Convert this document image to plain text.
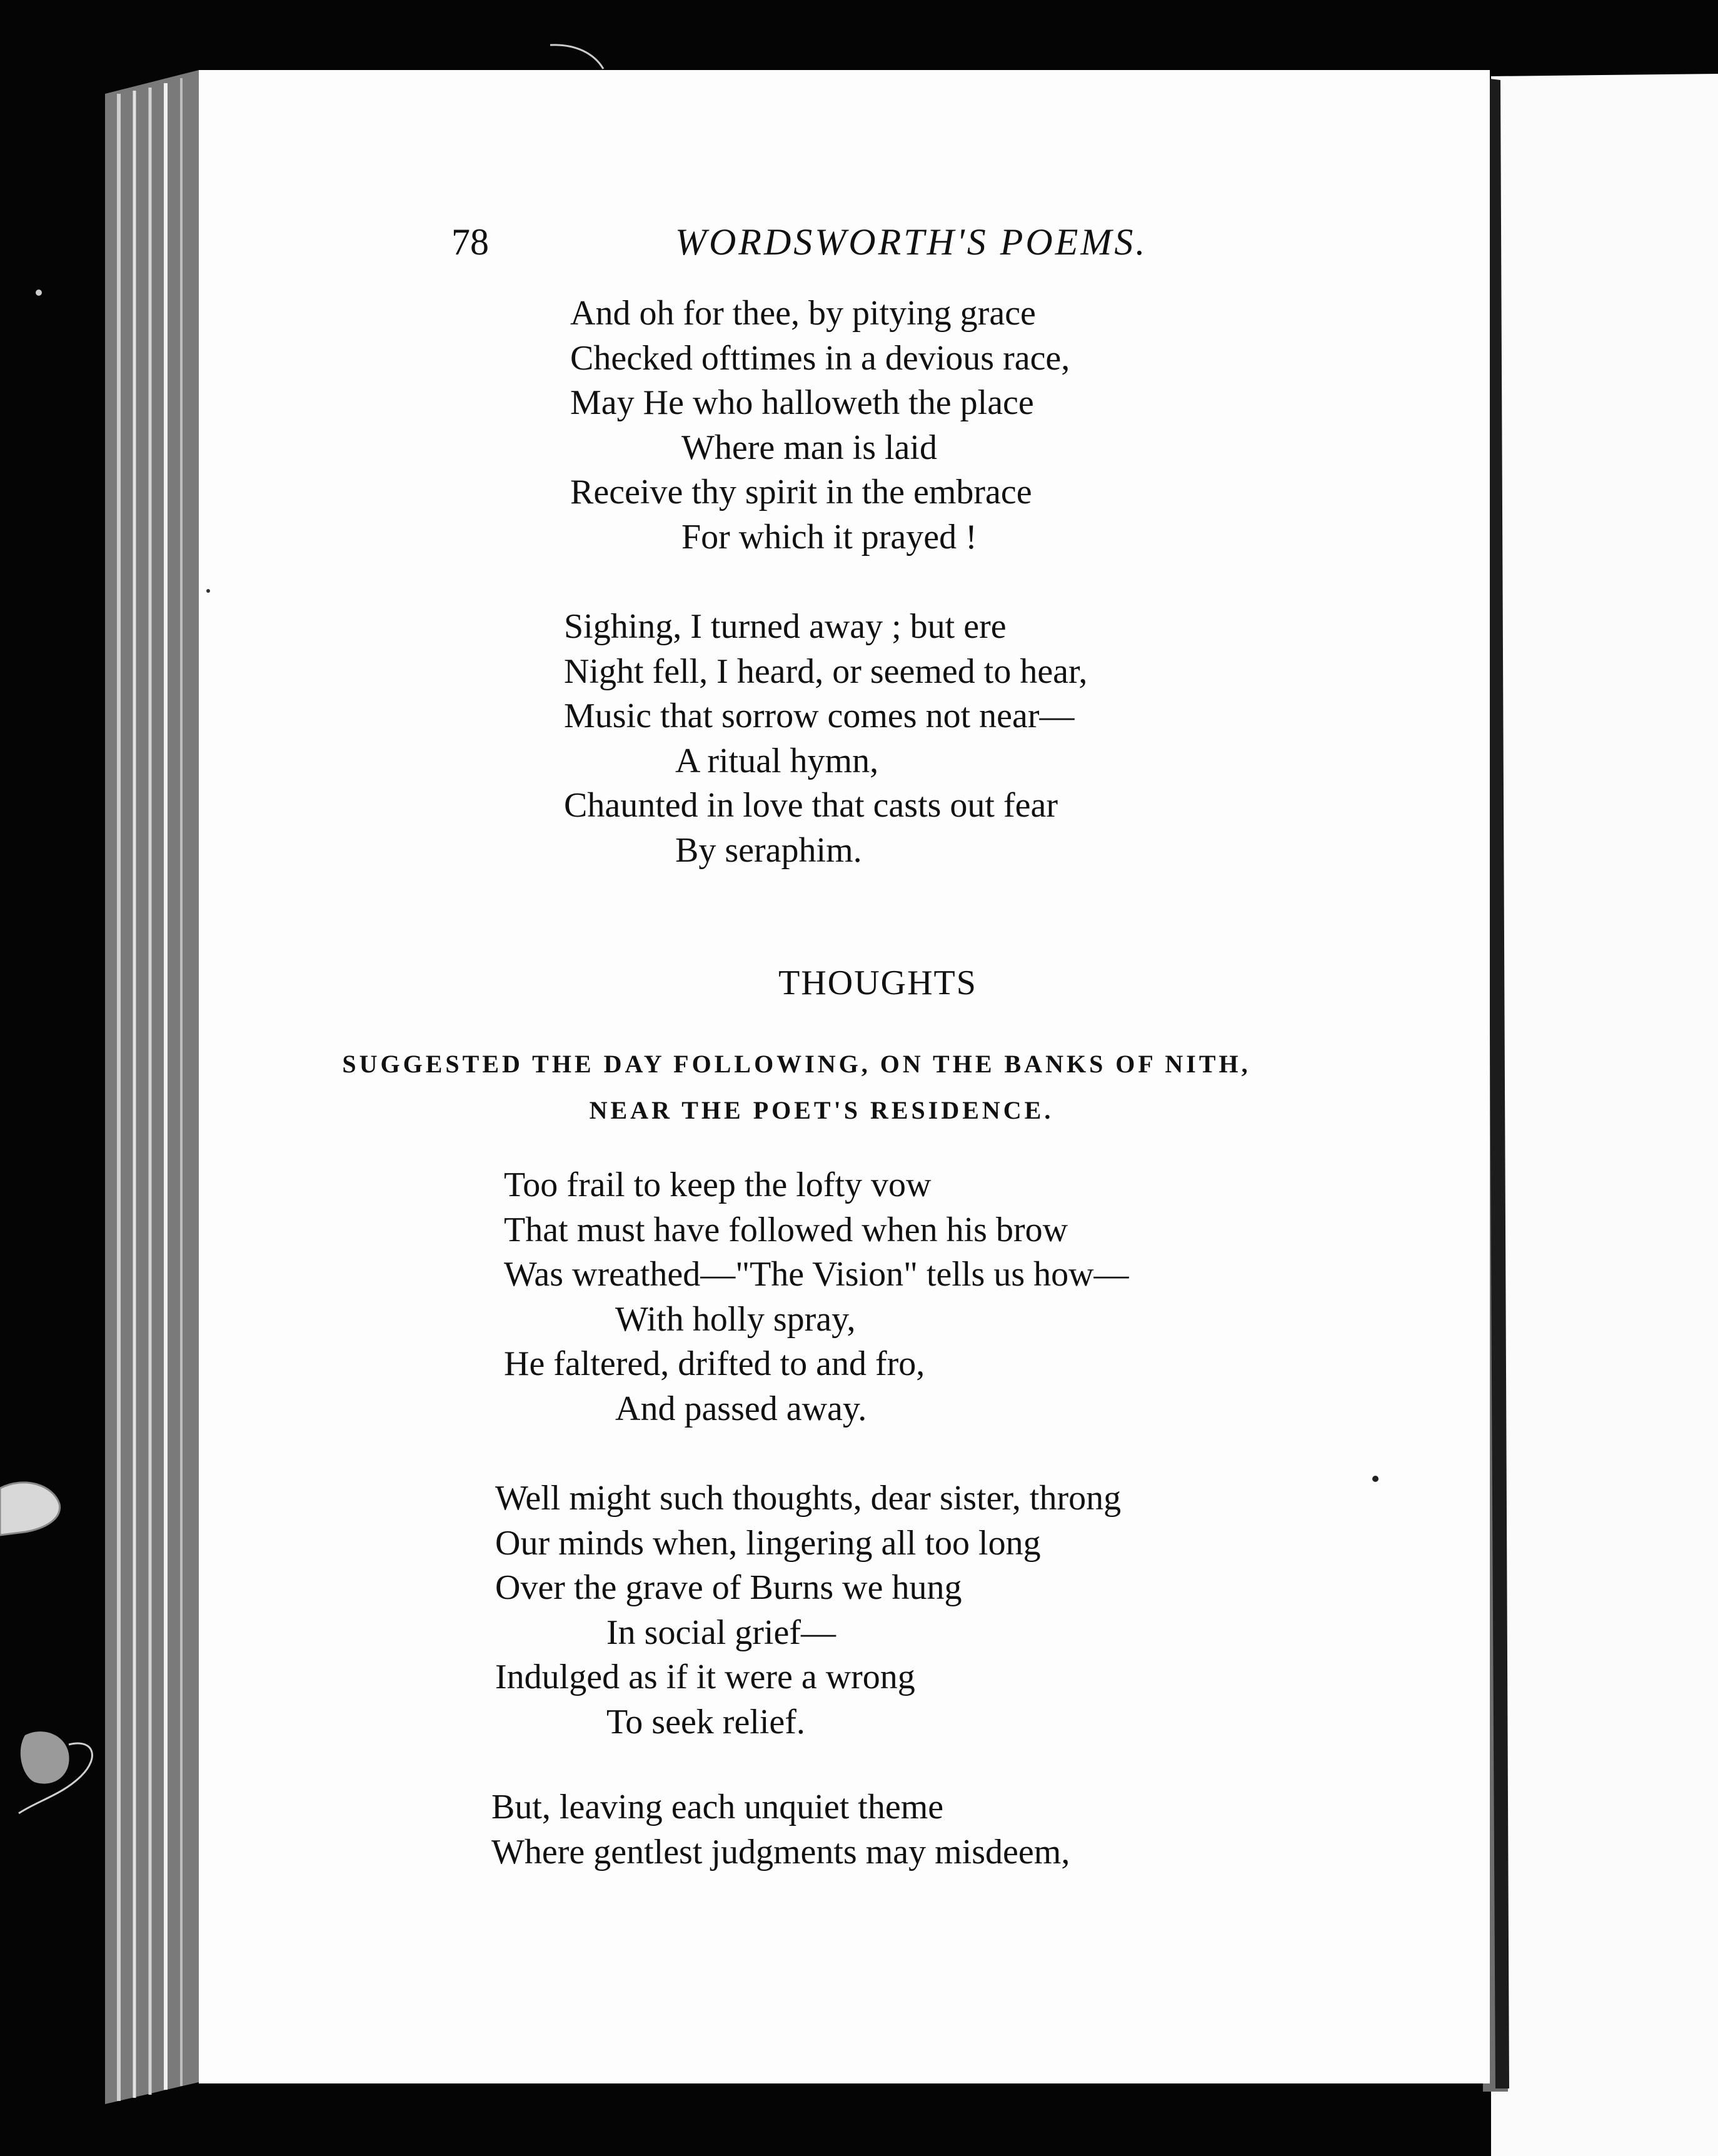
78	WORDSWORTH'S POEMS.
And oh for thee, by pitying grace
Checked ofttimes in a devious race,
May He who halloweth the place
Where man is laid
Receive thy spirit in the embrace
For which it prayed !
Sighing, I turned away ; but ere
Night fell, I heard, or seemed to hear,
Music that sorrow comes not near—
A ritual hymn,
Chaunted in love that casts out fear
By seraphim.
THOUGHTS
SUGGESTED THE DAY FOLLOWING, ON THE BANKS OF NITH,
NEAR THE POET'S RESIDENCE.
Too frail to keep the lofty vow
That must have followed when his brow
Was wreathed—"The Vision" tells us how—
With holly spray,
He faltered, drifted to and fro,
And passed away.
Well might such thoughts, dear sister, throng
Our minds when, lingering all too long
Over the grave of Burns we hung
In social grief—
Indulged as if it were a wrong
To seek relief.
But, leaving each unquiet theme
Where gentlest judgments may misdeem,
